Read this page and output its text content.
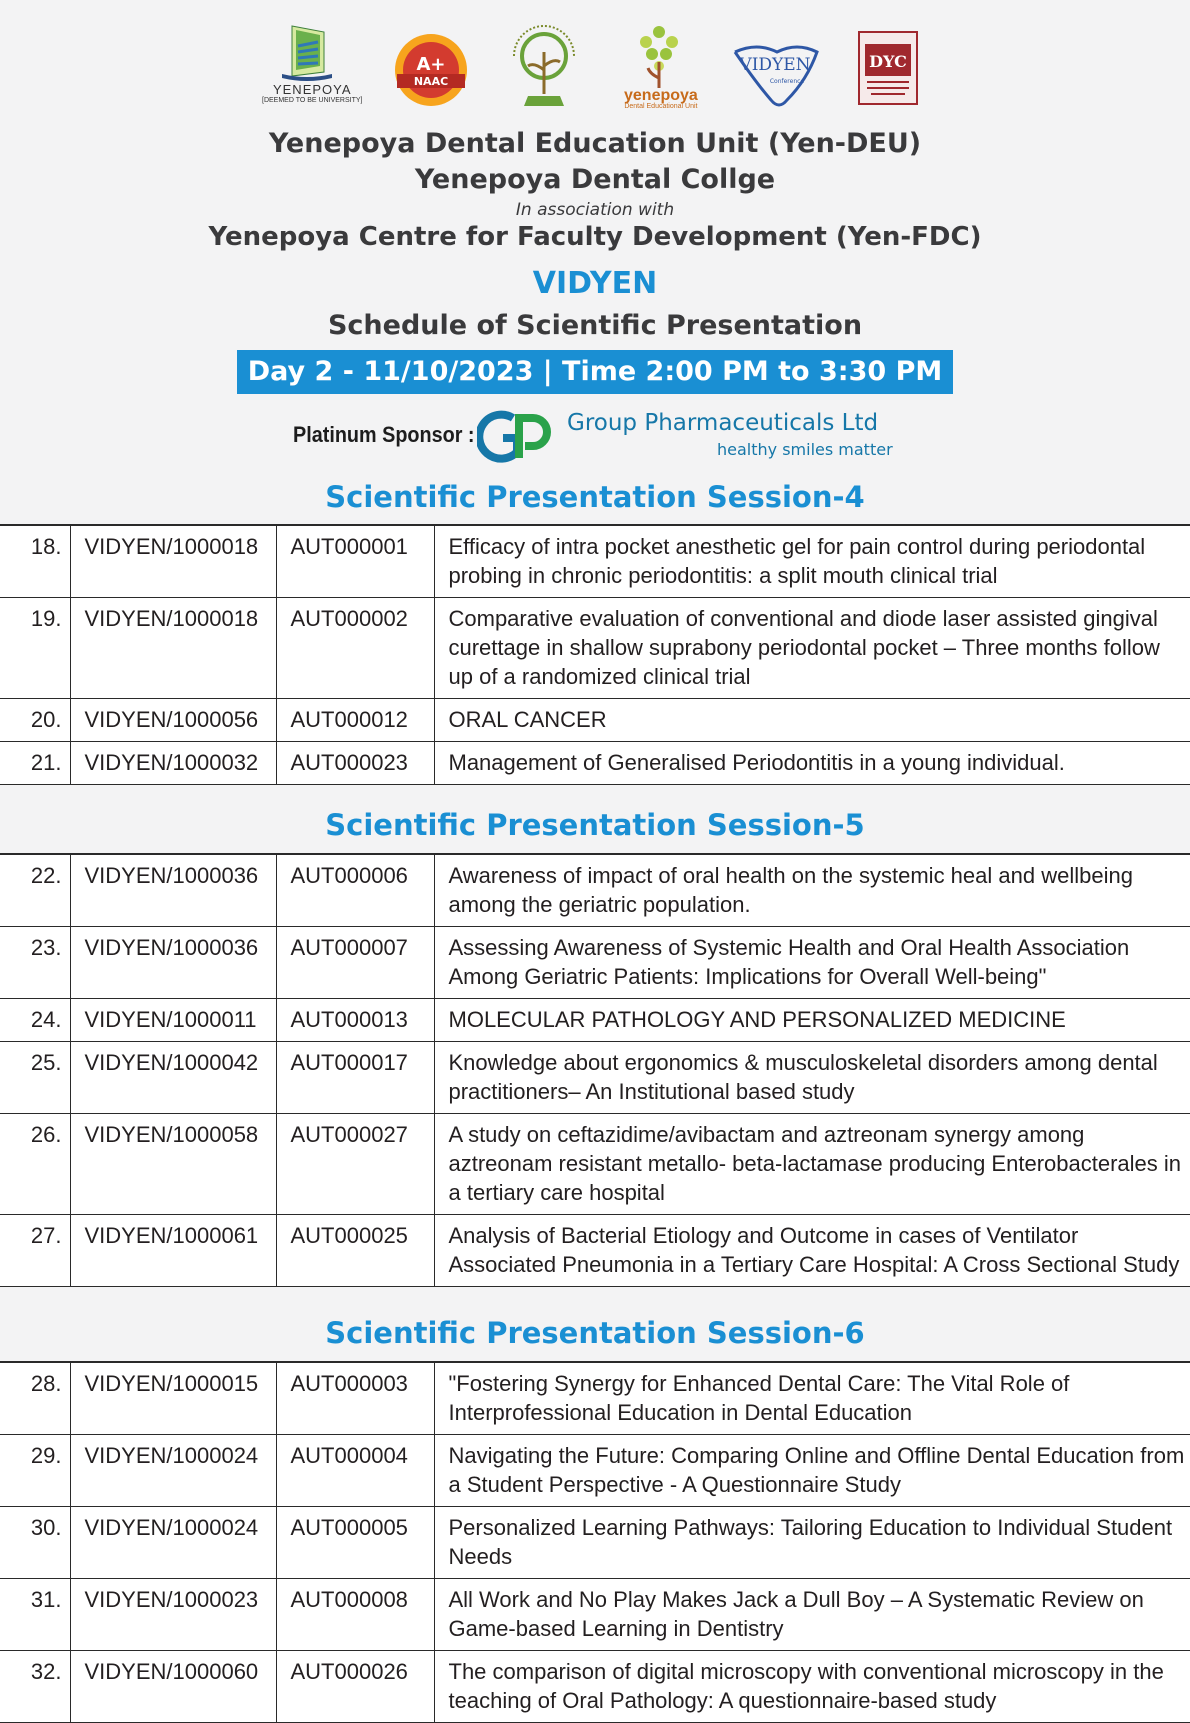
YENEPOYA
[DEEMED TO BE UNIVERSITY]
A+
NAAC
yenepoya
Dental Educational Unit
VIDYEN
Conference
DYC
Yenepoya Dental Education Unit (Yen-DEU)
Yenepoya Dental Collge
In association with
Yenepoya Centre for Faculty Development (Yen-FDC)
VIDYEN
Schedule of Scientific Presentation
Day 2 - 11/10/2023 | Time 2:00 PM to 3:30 PM
Platinum Sponsor :	Group Pharmaceuticals Ltd
healthy smiles matter
Scientific Presentation Session-4
18.	VIDYEN/1000018	AUT000001	Efficacy of intra pocket anesthetic gel for pain control during periodontal probing in chronic periodontitis: a split mouth clinical trial
19.	VIDYEN/1000018	AUT000002	Comparative evaluation of conventional and diode laser assisted gingival curettage in shallow suprabony periodontal pocket – Three months follow up of a randomized clinical trial
20.	VIDYEN/1000056	AUT000012	ORAL CANCER
21.	VIDYEN/1000032	AUT000023	Management of Generalised Periodontitis in a young individual.
Scientific Presentation Session-5
22.	VIDYEN/1000036	AUT000006	Awareness of impact of oral health on the systemic heal and wellbeing among the geriatric population.
23.	VIDYEN/1000036	AUT000007	Assessing Awareness of Systemic Health and Oral Health Association Among Geriatric Patients: Implications for Overall Well-being"
24.	VIDYEN/1000011	AUT000013	MOLECULAR PATHOLOGY AND PERSONALIZED MEDICINE
25.	VIDYEN/1000042	AUT000017	Knowledge about ergonomics & musculoskeletal disorders among dental practitioners– An Institutional based study
26.	VIDYEN/1000058	AUT000027	A study on ceftazidime/avibactam and aztreonam synergy among aztreonam resistant metallo- beta-lactamase producing Enterobacterales in a tertiary care hospital
27.	VIDYEN/1000061	AUT000025	Analysis of Bacterial Etiology and Outcome in cases of Ventilator Associated Pneumonia in a Tertiary Care Hospital: A Cross Sectional Study
Scientific Presentation Session-6
28.	VIDYEN/1000015	AUT000003	"Fostering Synergy for Enhanced Dental Care: The Vital Role of Interprofessional Education in Dental Education
29.	VIDYEN/1000024	AUT000004	Navigating the Future: Comparing Online and Offline Dental Education from a Student Perspective - A Questionnaire Study
30.	VIDYEN/1000024	AUT000005	Personalized Learning Pathways: Tailoring Education to Individual Student Needs
31.	VIDYEN/1000023	AUT000008	All Work and No Play Makes Jack a Dull Boy – A Systematic Review on Game-based Learning in Dentistry
32.	VIDYEN/1000060	AUT000026	The comparison of digital microscopy with conventional microscopy in the teaching of Oral Pathology: A questionnaire-based study
